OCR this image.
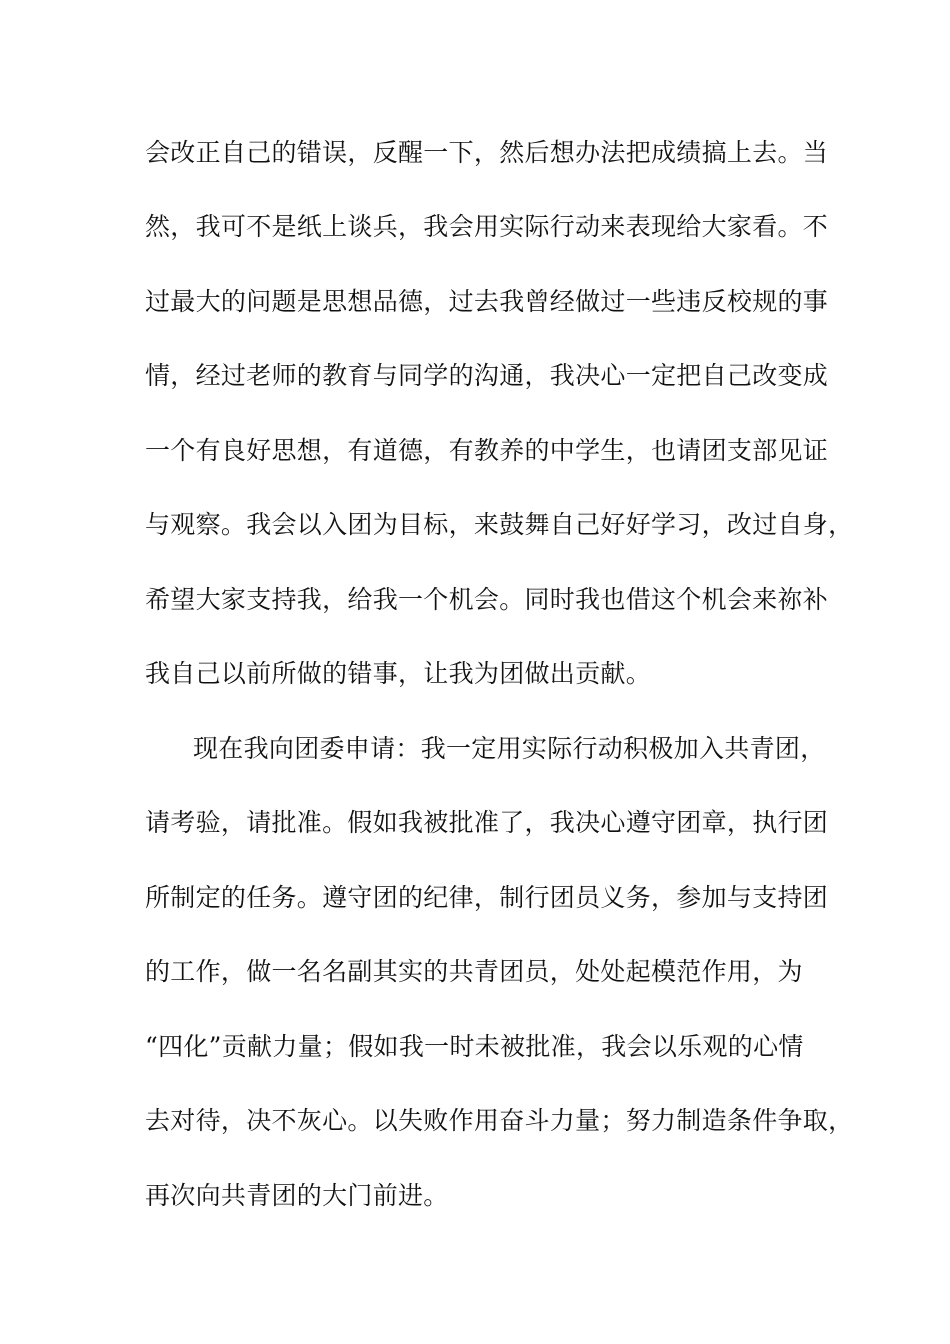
会改正自己的错误，反醒一下，然后想办法把成绩搞上去。当
然，我可不是纸上谈兵，我会用实际行动来表现给大家看。不
过最大的问题是思想品德，过去我曾经做过一些违反校规的事
情，经过老师的教育与同学的沟通，我决心一定把自己改变成
一个有良好思想，有道德，有教养的中学生，也请团支部见证
与观察。我会以入团为目标，来鼓舞自己好好学习，改过自身，
希望大家支持我，给我一个机会。同时我也借这个机会来祢补
我自己以前所做的错事，让我为团做出贡献。
现在我向团委申请：我一定用实际行动积极加入共青团，
请考验，请批准。假如我被批准了，我决心遵守团章，执行团
所制定的任务。遵守团的纪律，制行团员义务，参加与支持团
的工作，做一名名副其实的共青团员，处处起模范作用，为
“四化”贡献力量；假如我一时未被批准，我会以乐观的心情
去对待，决不灰心。以失败作用奋斗力量；努力制造条件争取，
再次向共青团的大门前进。
